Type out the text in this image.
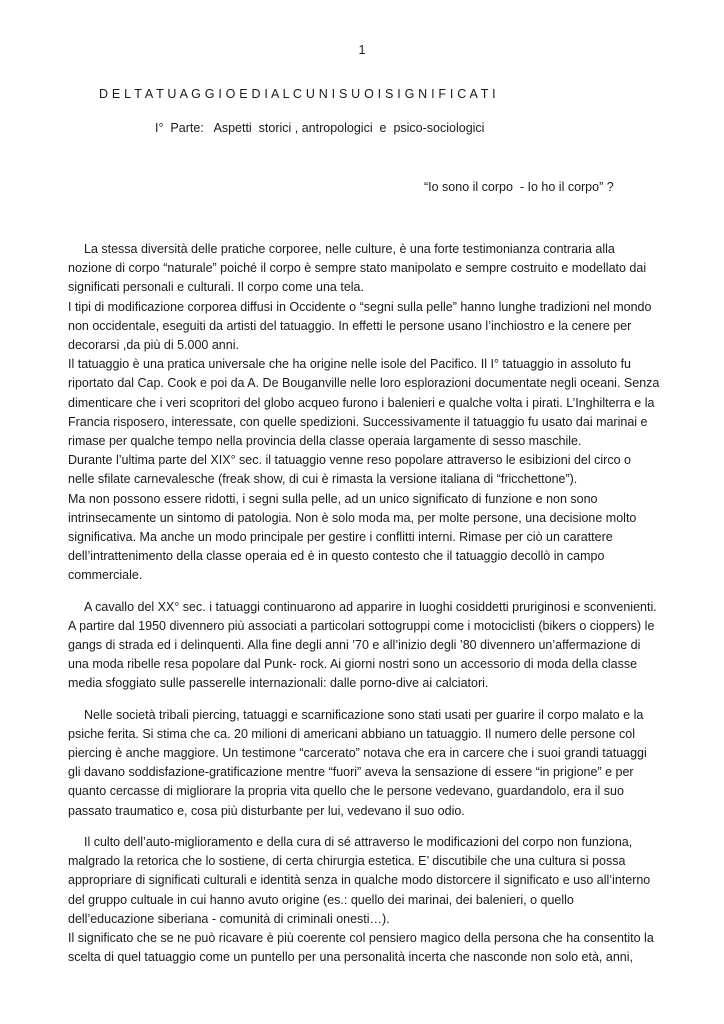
1
D E L T A T U A G G I O E D I A L C U N I S U O I S I G N I F I C A T I
I°  Parte:   Aspetti  storici , antropologici  e  psico-sociologici
“Io sono il corpo  - Io ho il corpo” ?

La stessa diversità delle pratiche corporee, nelle culture, è una forte testimonianza contraria alla nozione di corpo “naturale” poiché il corpo è sempre stato manipolato e sempre costruito e modellato dai significati personali e culturali. Il corpo come una tela.

I tipi di modificazione corporea diffusi in Occidente o “segni sulla pelle” hanno lunghe tradizioni nel mondo non occidentale, eseguiti da artisti del tatuaggio. In effetti le persone usano l’inchiostro e la cenere per decorarsi ,da più di 5.000 anni.

Il tatuaggio è una pratica universale che ha origine nelle isole del Pacifico. Il I° tatuaggio in assoluto fu riportato dal Cap. Cook e poi da A. De Bouganville nelle loro esplorazioni documentate negli oceani. Senza dimenticare che i veri scopritori del globo acqueo furono i balenieri e qualche volta i pirati. L’Inghilterra e la Francia risposero, interessate, con quelle spedizioni. Successivamente il tatuaggio fu usato dai marinai e rimase per qualche tempo nella provincia della classe operaia largamente di sesso maschile.

Durante l’ultima parte del XIX° sec. il tatuaggio venne reso popolare attraverso le esibizioni del circo o nelle sfilate carnevalesche (freak show, di cui è rimasta la versione italiana di “fricchettone”).

Ma non possono essere ridotti, i segni sulla pelle, ad un unico significato di funzione e non sono intrinsecamente un sintomo di patologia. Non è solo moda ma, per molte persone, una decisione molto significativa. Ma anche un modo principale per gestire i conflitti interni. Rimase per ciò un carattere dell’intrattenimento della classe operaia ed è in questo contesto che il tatuaggio decollò in campo commerciale.

A cavallo del XX° sec. i tatuaggi continuarono ad apparire in luoghi cosiddetti pruriginosi e sconvenienti. A partire dal 1950 divennero più associati a particolari sottogruppi come i motociclisti (bikers o cioppers) le gangs di strada ed i delinquenti. Alla fine degli anni ’70 e all’inizio degli ’80 divennero un’affermazione di una moda ribelle resa popolare dal Punk- rock. Ai giorni nostri sono un accessorio di moda della classe media sfoggiato sulle passerelle internazionali: dalle porno-dive ai calciatori.

Nelle società tribali piercing, tatuaggi e scarnificazione sono stati usati per guarire il corpo malato e la psiche ferita. Si stima che ca. 20 milioni di americani abbiano un tatuaggio. Il numero delle persone col piercing è anche maggiore. Un testimone “carcerato” notava che era in carcere che i suoi grandi tatuaggi gli davano soddisfazione-gratificazione mentre “fuori” aveva la sensazione di essere “in prigione” e per quanto cercasse di migliorare la propria vita quello che le persone vedevano, guardandolo, era il suo passato traumatico e, cosa più disturbante per lui, vedevano il suo odio.

Il culto dell’auto-miglioramento e della cura di sé attraverso le modificazioni del corpo non funziona, malgrado la retorica che lo sostiene, di certa chirurgia estetica. E’ discutibile che una cultura si possa appropriare di significati culturali e identità senza in qualche modo distorcere il significato e uso all’interno del gruppo cultuale in cui hanno avuto origine (es.: quello dei marinai, dei balenieri, o quello dell’educazione siberiana - comunità di criminali onesti…).

Il significato che se ne può ricavare è più coerente col pensiero magico della persona che ha consentito la scelta di quel tatuaggio come un puntello per una personalità incerta che nasconde non solo età, anni,
